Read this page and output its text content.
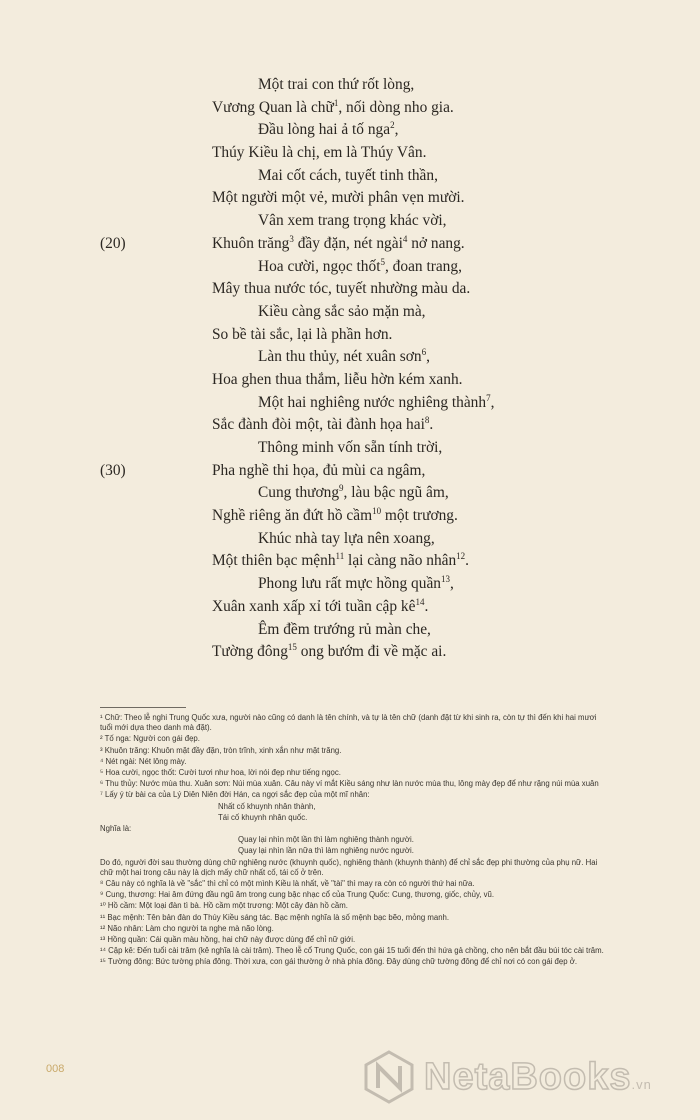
Một trai con thứ rốt lòng,
Vương Quan là chữ$^1$, nối dòng nho gia.
Đầu lòng hai ả tố nga$^2$,
Thúy Kiều là chị, em là Thúy Vân.
Mai cốt cách, tuyết tinh thần,
Một người một vẻ, mười phân vẹn mười.
Vân xem trang trọng khác vời,
(20)	Khuôn trăng$^3$ đầy đặn, nét ngài$^4$ nở nang.
Hoa cười, ngọc thốt$^5$, đoan trang,
Mây thua nước tóc, tuyết nhường màu da.
Kiều càng sắc sảo mặn mà,
So bề tài sắc, lại là phần hơn.
Làn thu thủy, nét xuân sơn$^6$,
Hoa ghen thua thắm, liễu hờn kém xanh.
Một hai nghiêng nước nghiêng thành$^7$,
Sắc đành đòi một, tài đành họa hai$^8$.
Thông minh vốn sẵn tính trời,
(30)	Pha nghề thi họa, đủ mùi ca ngâm,
Cung thương$^9$, làu bậc ngũ âm,
Nghề riêng ăn đứt hồ cầm$^{10}$ một trương.
Khúc nhà tay lựa nên xoang,
Một thiên bạc mệnh$^{11}$ lại càng não nhân$^{12}$.
Phong lưu rất mực hồng quần$^{13}$,
Xuân xanh xấp xỉ tới tuần cập $kê^{14}$.
Êm đềm trướng rủ màn che,
Tường đông$^{15}$ ong bướm đi về mặc ai.
¹ Chữ: Theo lễ nghi Trung Quốc xưa, người nào cũng có danh là tên chính, và tự là tên chữ (danh đặt từ khi sinh ra, còn tự thì đến khi hai mươi tuổi mới dựa theo danh mà đặt).
² Tố nga: Người con gái đẹp.
³ Khuôn trăng: Khuôn mặt đầy đặn, tròn trĩnh, xinh xắn như mặt trăng.
⁴ Nét ngài: Nét lông mày.
⁵ Hoa cười, ngọc thốt: Cười tươi như hoa, lời nói đẹp như tiếng ngọc.
⁶ Thu thủy: Nước mùa thu. Xuân sơn: Núi mùa xuân. Câu này ví mắt Kiều sáng như làn nước mùa thu, lông mày đẹp để như rặng núi mùa xuân
⁷ Lấy ý từ bài ca của Lý Diên Niên đời Hán, ca ngợi sắc đẹp của một mĩ nhân:
Nhất cố khuynh nhân thành,
Tái cố khuynh nhân quốc.
Nghĩa là:
Quay lại nhìn một lần thì làm nghiêng thành người.
Quay lại nhìn lần nữa thì làm nghiêng nước người.
Do đó, người đời sau thường dùng chữ nghiêng nước (khuynh quốc), nghiêng thành (khuynh thành) để chỉ sắc đẹp phi thường của phụ nữ. Hai chữ một hai trong câu này là dịch mấy chữ nhất cố, tái cố ở trên.
⁸ Câu này có nghĩa là về "sắc" thì chỉ có một mình Kiều là nhất, về "tài" thì may ra còn có người thứ hai nữa.
⁹ Cung, thương: Hai âm đứng đầu ngũ âm trong cung bậc nhạc cổ của Trung Quốc: Cung, thương, giốc, chủy, vũ.
¹⁰ Hồ cầm: Một loại đàn tì bà. Hồ cầm một trương: Một cây đàn hồ cầm.
¹¹ Bạc mệnh: Tên bản đàn do Thúy Kiều sáng tác. Bạc mệnh nghĩa là số mệnh bạc bẽo, mỏng manh.
¹² Não nhân: Làm cho người ta nghe mà não lòng.
¹³ Hồng quần: Cái quần màu hồng, hai chữ này được dùng để chỉ nữ giới.
¹⁴ Cập kê: Đến tuổi cài trâm (kê nghĩa là cài trâm). Theo lễ cổ Trung Quốc, con gái 15 tuổi đến thì hứa gả chồng, cho nên bắt đầu búi tóc cài trâm.
¹⁵ Tường đông: Bức tường phía đông. Thời xưa, con gái thường ở nhà phía đông. Đây dùng chữ tường đông để chỉ nơi có con gái đẹp ở.
008	NetaBooks.vn
